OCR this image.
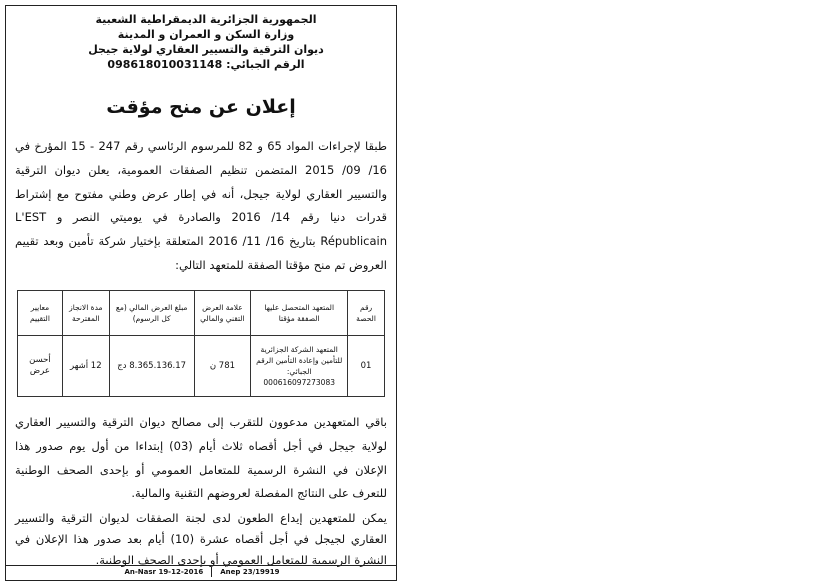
الجمهورية الجزائرية الديمقراطية الشعبية
وزارة السكن و العمران و المدينة
ديوان الترقية والتسيير العقاري لولاية جيجل
الرقم الجبائي: 098618010031148
إعلان عن منح مؤقت
طبقا لإجراءات المواد 65 و 82 للمرسوم الرئاسي رقم 247 - 15 المؤرخ في 16/ 09/ 2015 المتضمن تنظيم الصفقات العمومية، يعلن ديوان الترقية والتسيير العقاري لولاية جيجل، أنه في إطار عرض وطني مفتوح مع إشتراط قدرات دنيا رقم 14/ 2016 والصادرة في يوميتي النصر و L'EST Républicain بتاريخ 16/ 11/ 2016 المتعلقة بإختيار شركة تأمين وبعد تقييم العروض تم منح مؤقتا الصفقة للمتعهد التالي:
رقم الحصة	المتعهد المتحصل عليها الصفقة مؤقتا	علامة العرض التقني والمالي	مبلغ العرض المالي (مع كل الرسوم)	مدة الانجاز المقترحة	معايير التقييم
01	المتعهد الشركة الجزائرية للتأمين وإعادة التأمين الرقم الجبائي: 000616097273083	781 ن	8.365.136.17 دج	12 أشهر	أحسن عرض
باقي المتعهدين مدعوون للتقرب إلى مصالح ديوان الترقية والتسيير العقاري لولاية جيجل في أجل أقصاه ثلاث أيام (03) إبتداءا من أول يوم صدور هذا الإعلان في النشرة الرسمية للمتعامل العمومي أو بإحدى الصحف الوطنية للتعرف على النتائج المفصلة لعروضهم التقنية والمالية.
يمكن للمتعهدين إيداع الطعون لدى لجنة الصفقات لديوان الترقية والتسيير العقاري لجيجل في أجل أقصاه عشرة (10) أيام بعد صدور هذا الإعلان في النشرة الرسمية للمتعامل العمومي أو بإحدى الصحف الوطنية.
An-Nasr 19-12-2016 Anep 23/19919
